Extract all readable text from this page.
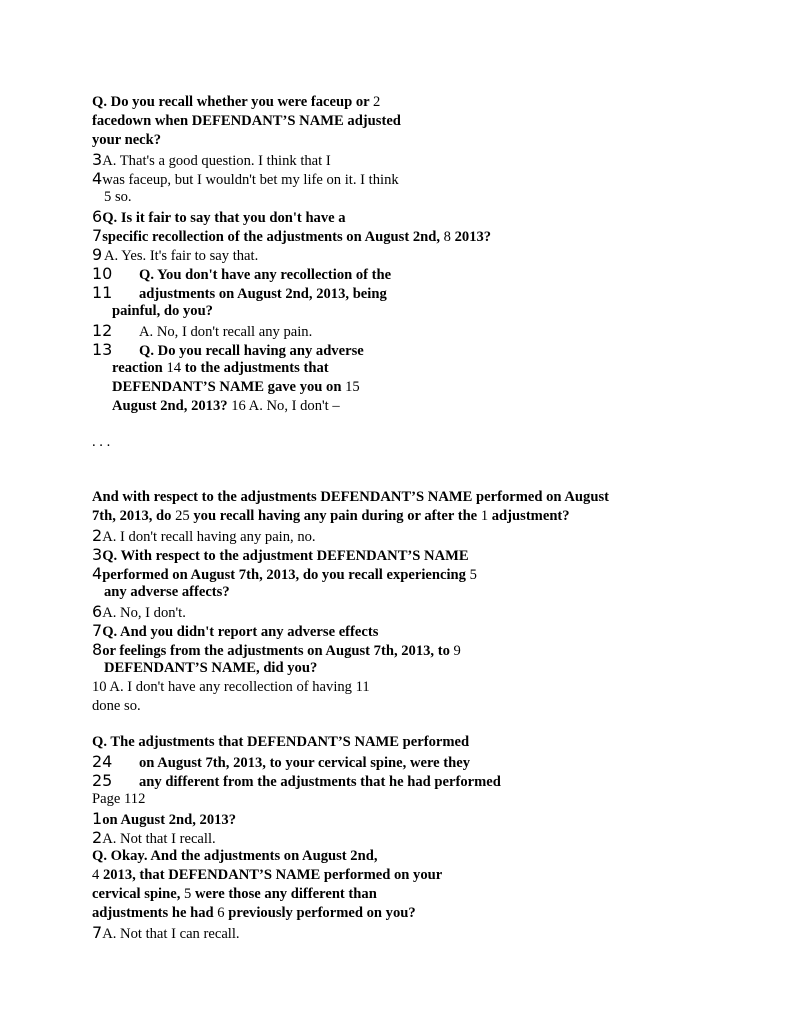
Q. Do you recall whether you were faceup or 2
facedown when DEFENDANT’S NAME adjusted
your neck?
3A. That's a good question. I think that I
4was faceup, but I wouldn't bet my life on it. I think
5 so.
6Q. Is it fair to say that you don't have a
7specific recollection of the adjustments on August 2nd, 8 2013?
9 A. Yes. It's fair to say that.
10 Q. You don't have any recollection of the
11 adjustments on August 2nd, 2013, being
painful, do you?
12 A. No, I don't recall any pain.
13 Q. Do you recall having any adverse
reaction 14 to the adjustments that
DEFENDANT’S NAME gave you on 15
August 2nd, 2013? 16 A. No, I don't –
. . .
And with respect to the adjustments DEFENDANT’S NAME performed on August
7th, 2013, do 25 you recall having any pain during or after the 1 adjustment?
2A. I don't recall having any pain, no.
3Q. With respect to the adjustment DEFENDANT’S NAME
4performed on August 7th, 2013, do you recall experiencing 5
any adverse affects?
6A. No, I don't.
7Q. And you didn't report any adverse effects
8or feelings from the adjustments on August 7th, 2013, to 9
DEFENDANT’S NAME, did you?
10 A. I don't have any recollection of having 11
done so.
Q. The adjustments that DEFENDANT’S NAME performed
24 on August 7th, 2013, to your cervical spine, were they
25 any different from the adjustments that he had performed
Page 112
1on August 2nd, 2013?
2A. Not that I recall.
Q. Okay. And the adjustments on August 2nd,
4 2013, that DEFENDANT’S NAME performed on your
cervical spine, 5 were those any different than
adjustments he had 6 previously performed on you?
7A. Not that I can recall.
